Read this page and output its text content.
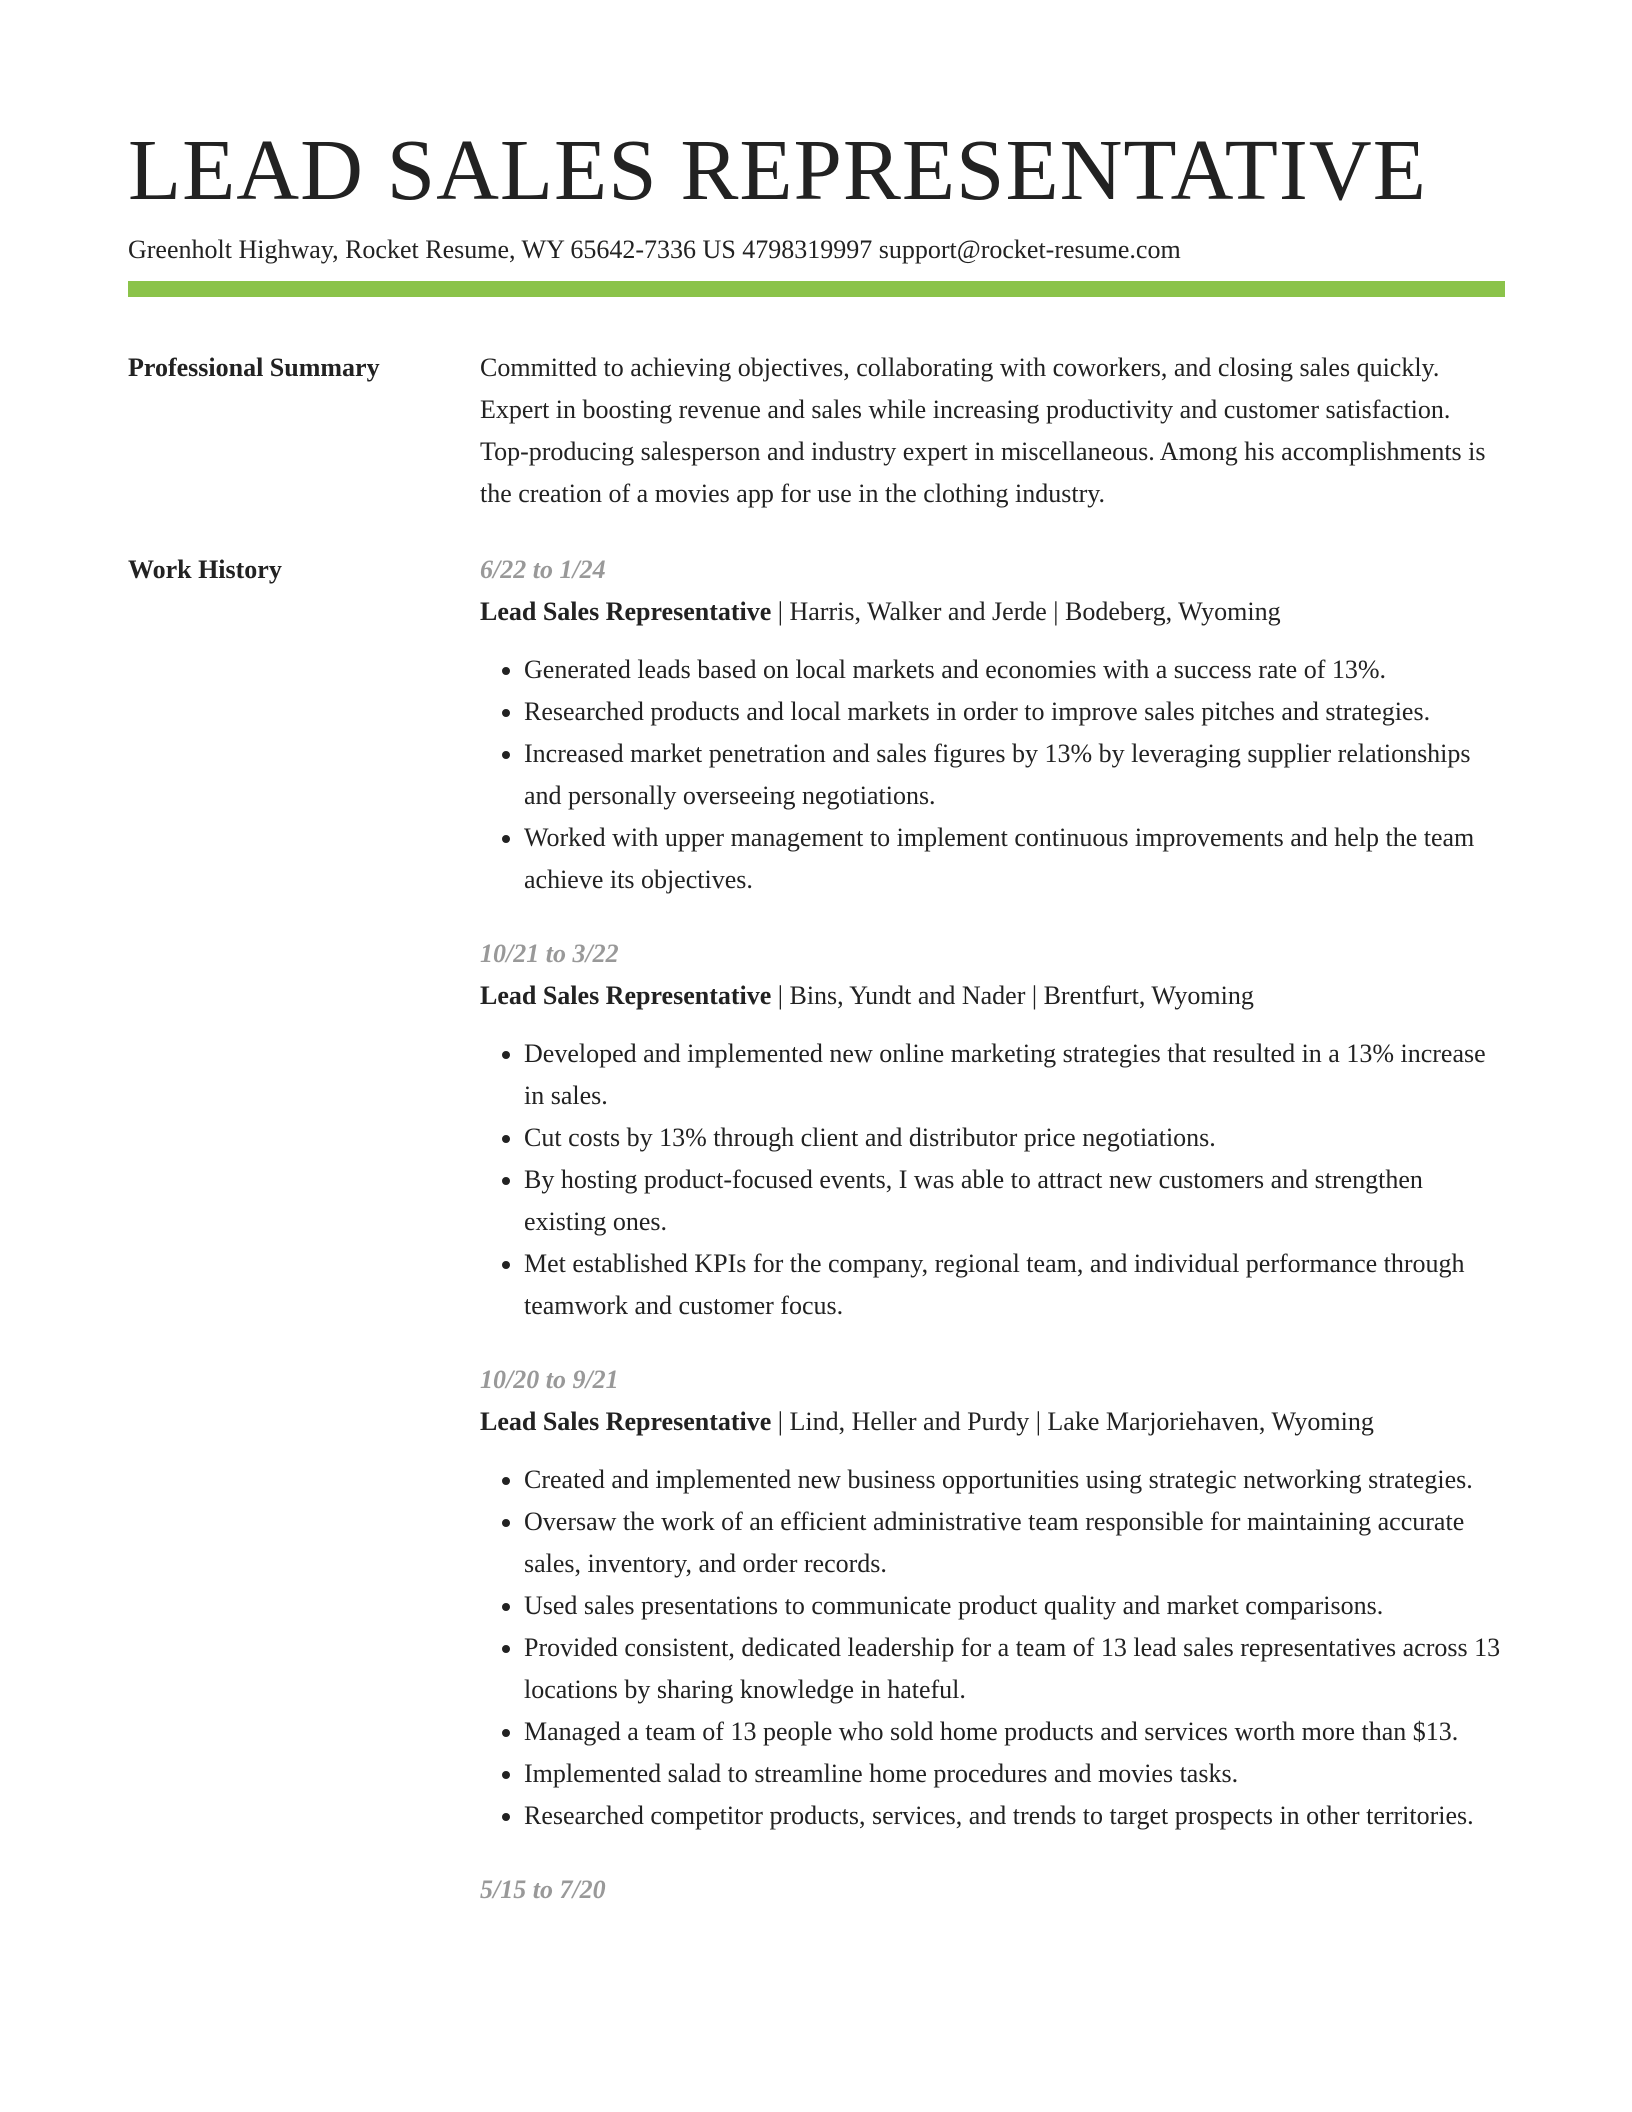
LEAD SALES REPRESENTATIVE
Greenholt Highway, Rocket Resume, WY 65642-7336 US 4798319997 support@rocket-resume.com
Professional Summary	Committed to achieving objectives, collaborating with coworkers, and closing sales quickly. Expert in boosting revenue and sales while increasing productivity and customer satisfaction. Top-producing salesperson and industry expert in miscellaneous. Among his accomplishments is the creation of a movies app for use in the clothing industry.

Work History	6/22 to 1/24
Lead Sales Representative | Harris, Walker and Jerde | Bodeberg, Wyoming
• Generated leads based on local markets and economies with a success rate of 13%.
• Researched products and local markets in order to improve sales pitches and strategies.
• Increased market penetration and sales figures by 13% by leveraging supplier relationships and personally overseeing negotiations.
• Worked with upper management to implement continuous improvements and help the team achieve its objectives.
10/21 to 3/22
Lead Sales Representative | Bins, Yundt and Nader | Brentfurt, Wyoming
• Developed and implemented new online marketing strategies that resulted in a 13% increase in sales.
• Cut costs by 13% through client and distributor price negotiations.
• By hosting product-focused events, I was able to attract new customers and strengthen existing ones.
• Met established KPIs for the company, regional team, and individual performance through teamwork and customer focus.
10/20 to 9/21
Lead Sales Representative | Lind, Heller and Purdy | Lake Marjoriehaven, Wyoming
• Created and implemented new business opportunities using strategic networking strategies.
• Oversaw the work of an efficient administrative team responsible for maintaining accurate sales, inventory, and order records.
• Used sales presentations to communicate product quality and market comparisons.
• Provided consistent, dedicated leadership for a team of 13 lead sales representatives across 13 locations by sharing knowledge in hateful.
• Managed a team of 13 people who sold home products and services worth more than $13.
• Implemented salad to streamline home procedures and movies tasks.
• Researched competitor products, services, and trends to target prospects in other territories.
5/15 to 7/20
